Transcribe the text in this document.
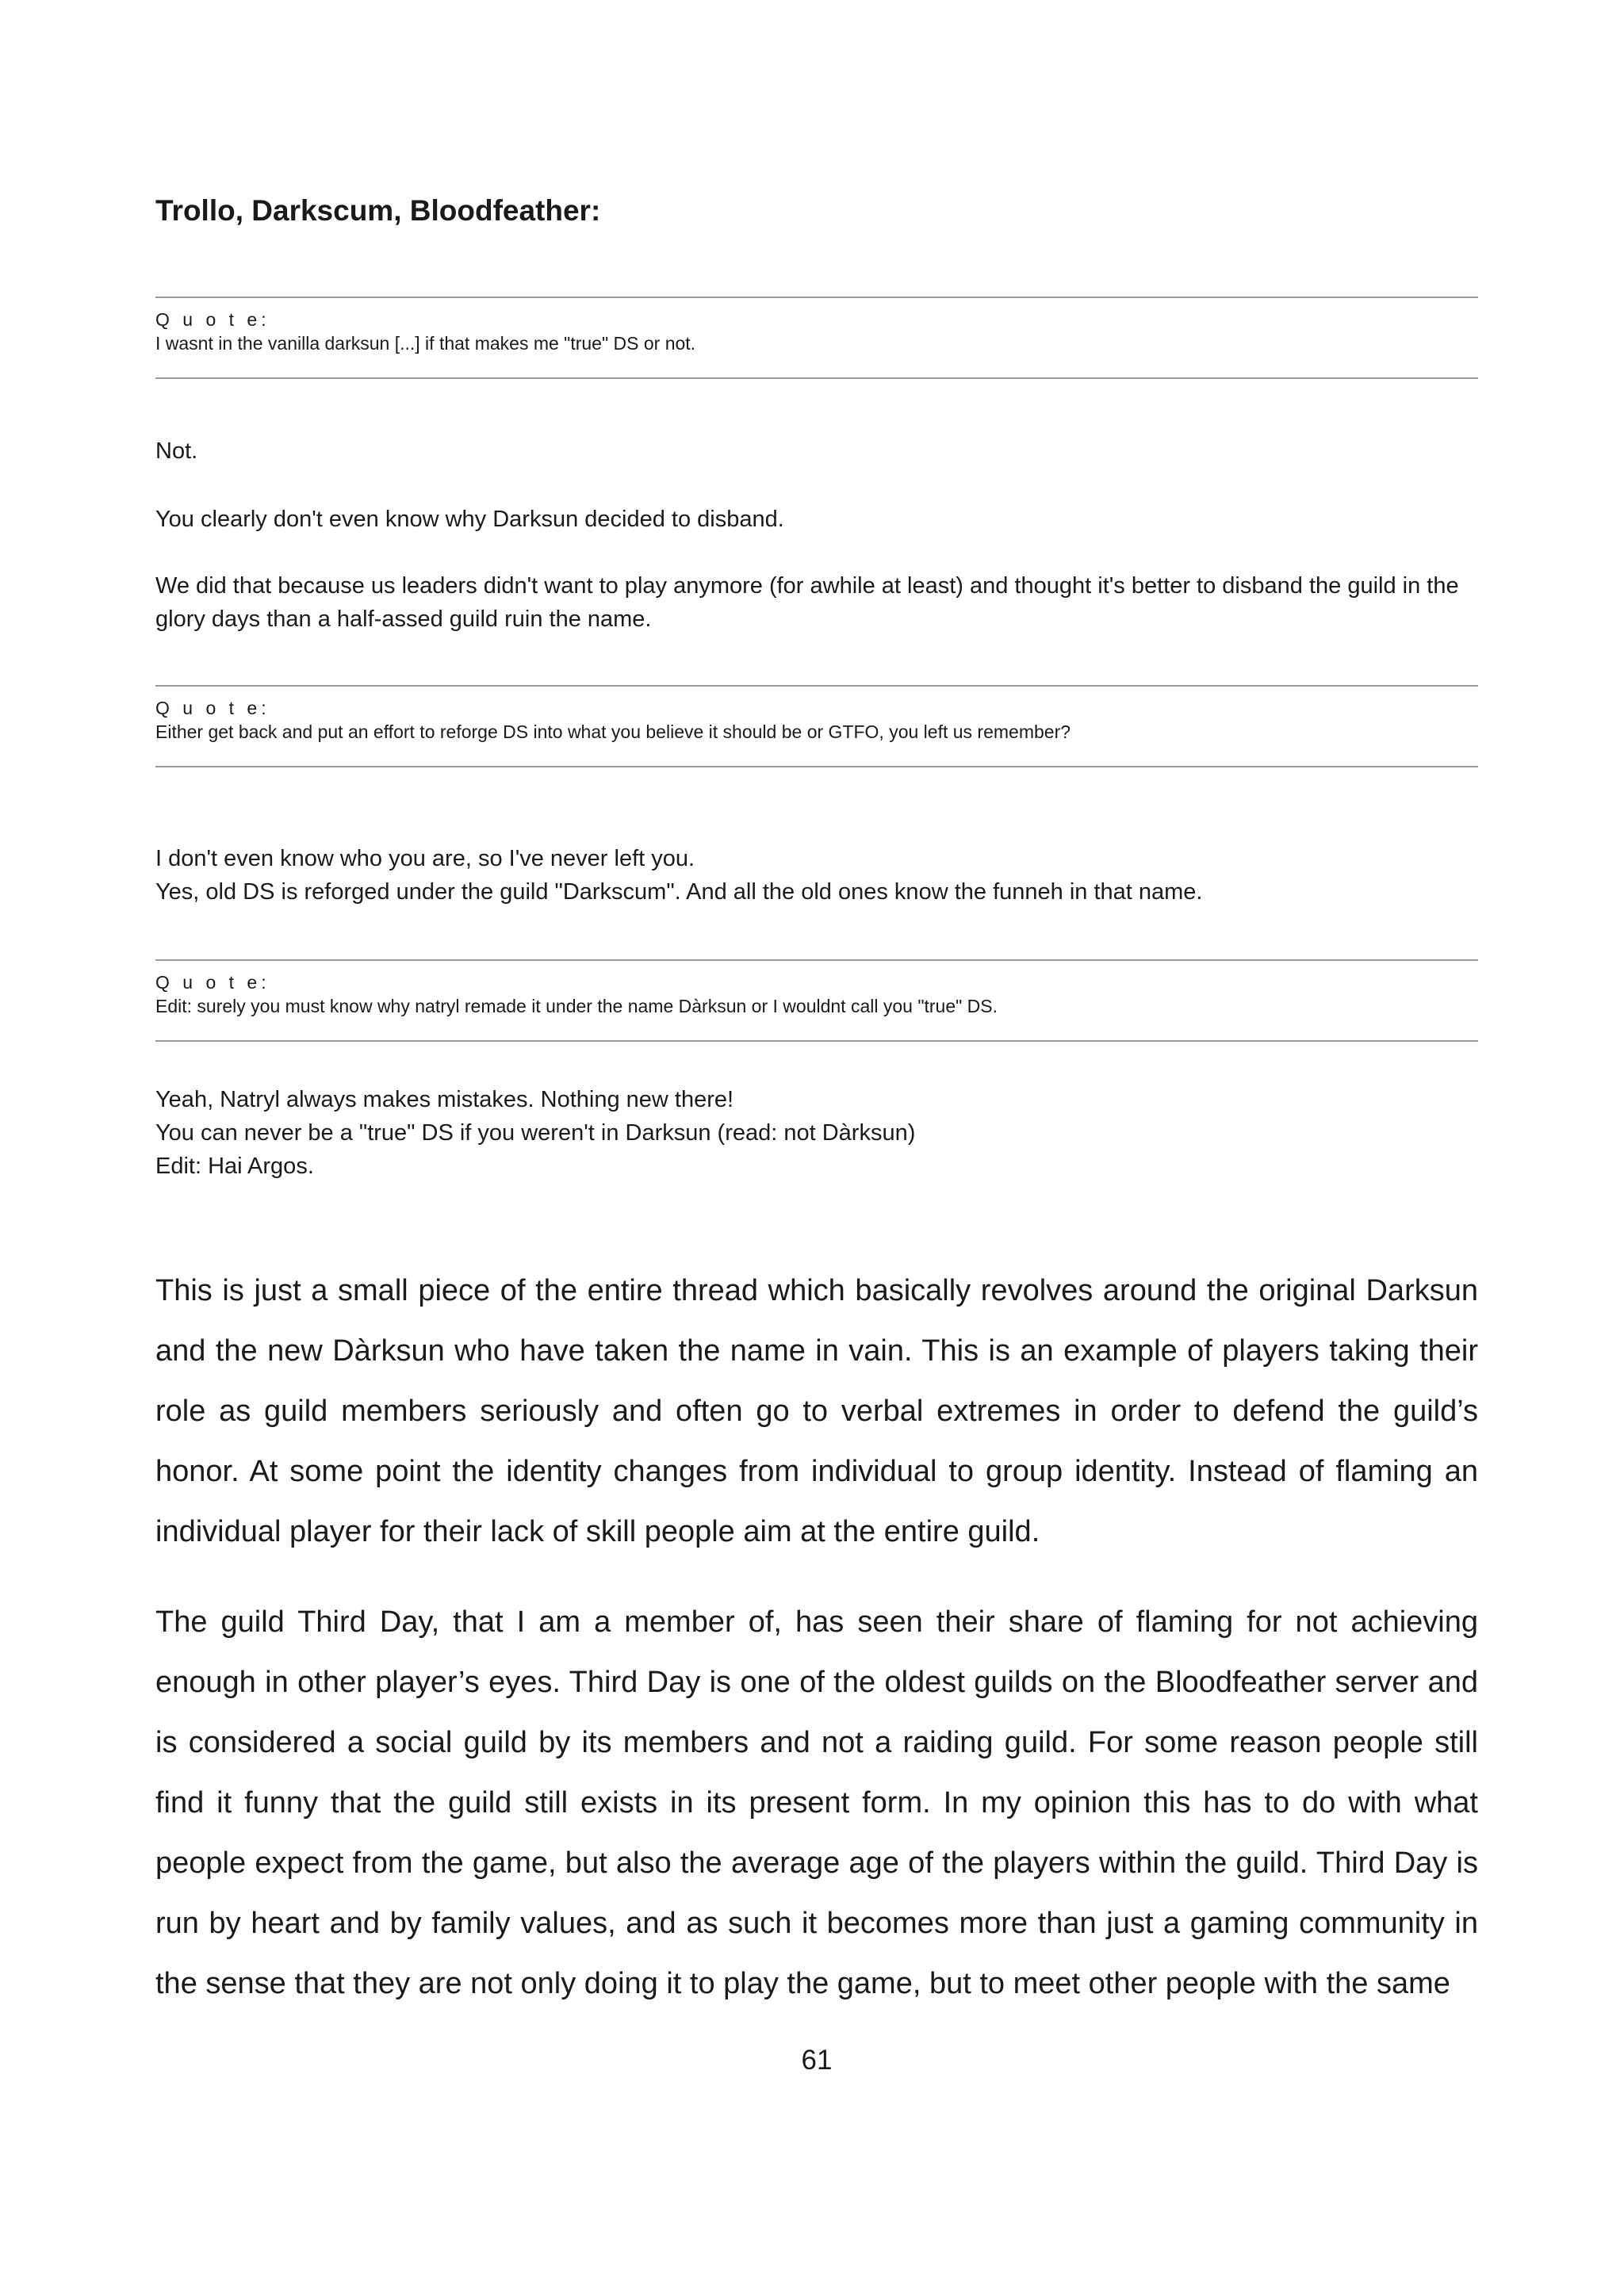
Trollo, Darkscum, Bloodfeather:

Q u o t e:

I wasnt in the vanilla darksun [...] if that makes me "true" DS or not.

Not.

You clearly don't even know why Darksun decided to disband.

We did that because us leaders didn't want to play anymore (for awhile at least) and thought it's better to disband the guild in the glory days than a half-assed guild ruin the name.

Q u o t e:

Either get back and put an effort to reforge DS into what you believe it should be or GTFO, you left us remember?

I don't even know who you are, so I've never left you.

Yes, old DS is reforged under the guild "Darkscum". And all the old ones know the funneh in that name.

Q u o t e:

Edit: surely you must know why natryl remade it under the name Dàrksun or I wouldnt call you "true" DS.

Yeah, Natryl always makes mistakes. Nothing new there!

You can never be a "true" DS if you weren't in Darksun (read: not Dàrksun)

Edit: Hai Argos.

This is just a small piece of the entire thread which basically revolves around the original Darksun and the new Dàrksun who have taken the name in vain. This is an example of players taking their role as guild members seriously and often go to verbal extremes in order to defend the guild’s honor. At some point the identity changes from individual to group identity. Instead of flaming an individual player for their lack of skill people aim at the entire guild.

The guild Third Day, that I am a member of, has seen their share of flaming for not achieving enough in other player’s eyes. Third Day is one of the oldest guilds on the Bloodfeather server and is considered a social guild by its members and not a raiding guild. For some reason people still find it funny that the guild still exists in its present form. In my opinion this has to do with what people expect from the game, but also the average age of the players within the guild. Third Day is run by heart and by family values, and as such it becomes more than just a gaming community in the sense that they are not only doing it to play the game, but to meet other people with the same

61
